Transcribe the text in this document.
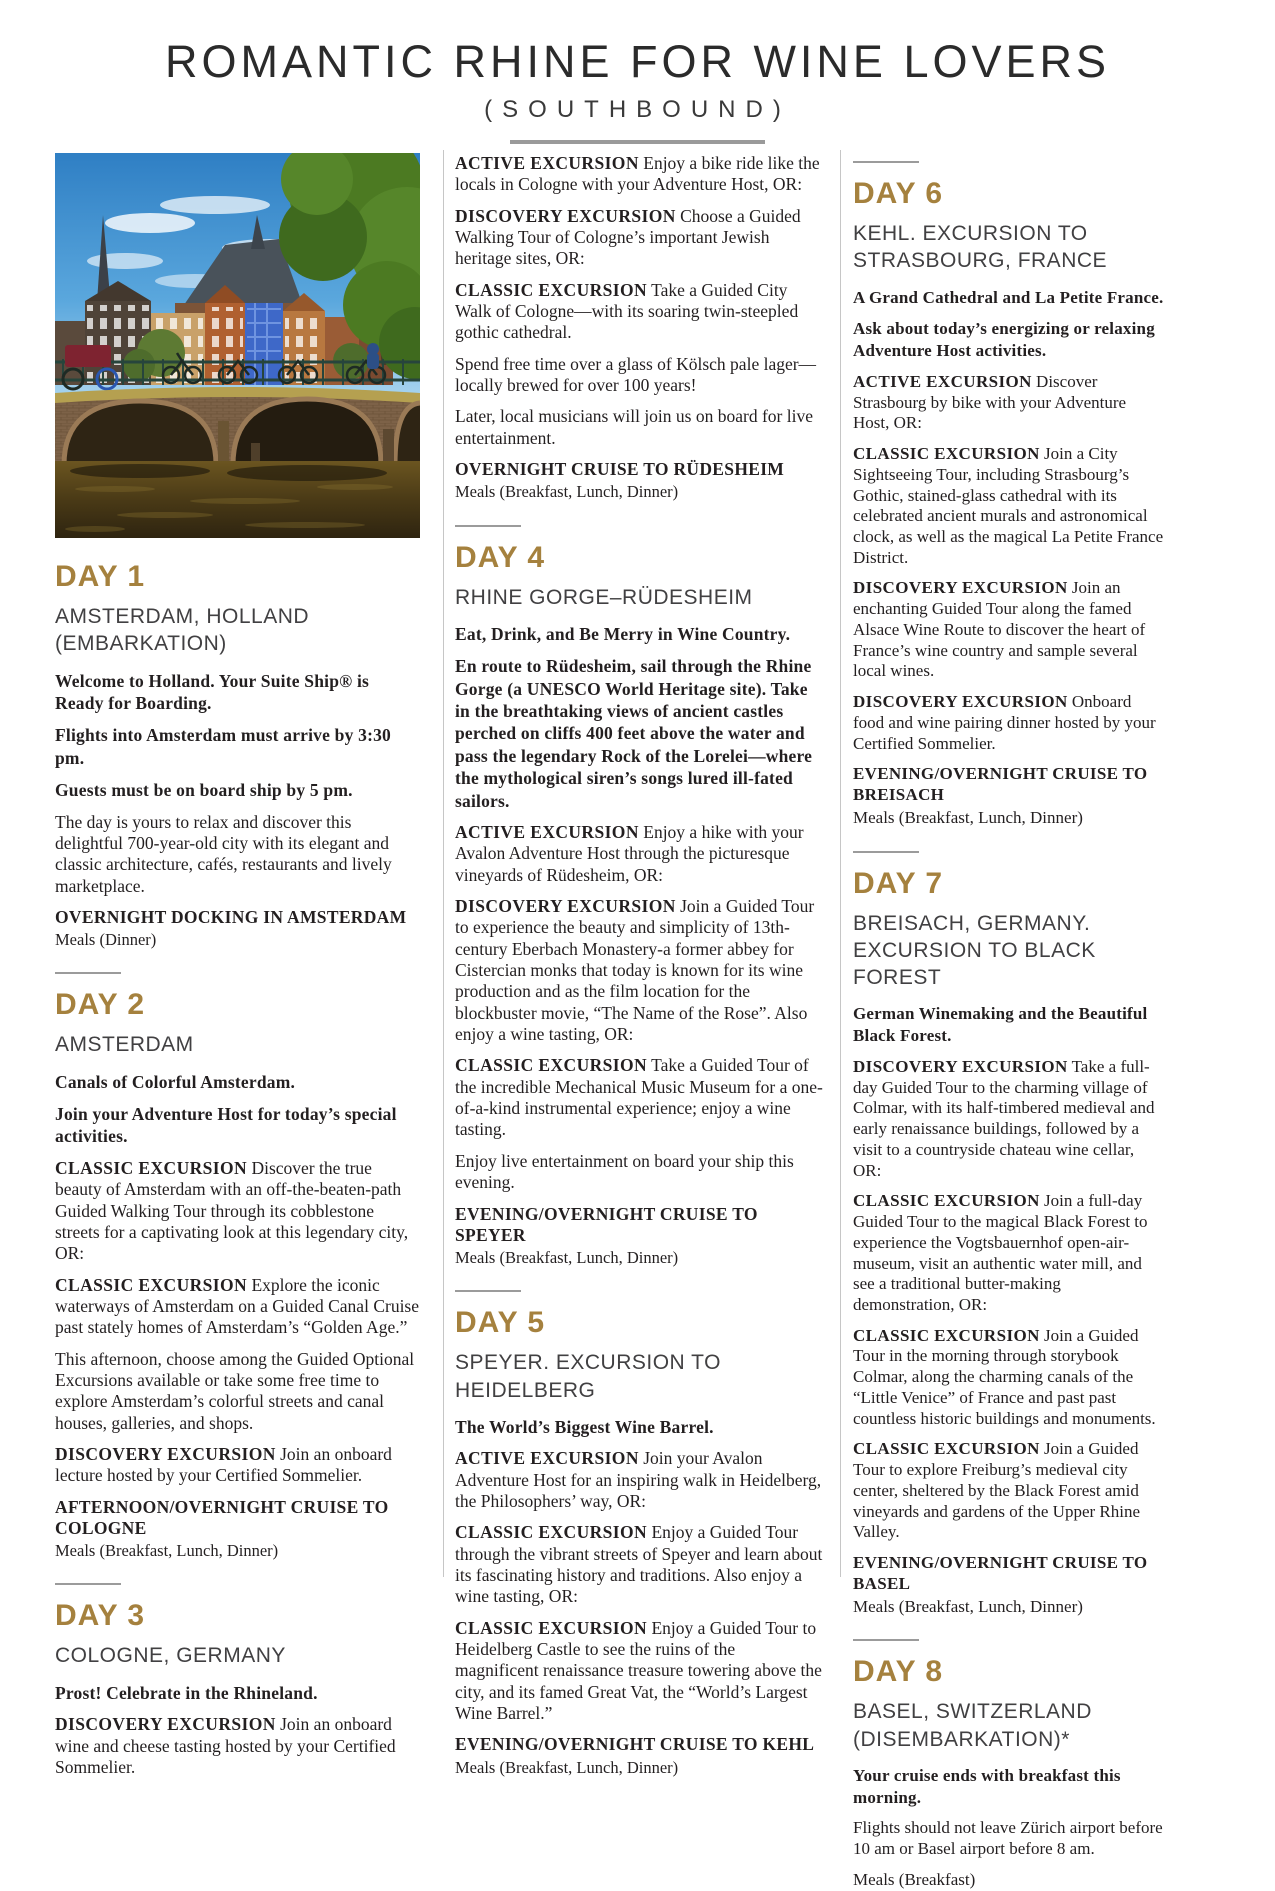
ROMANTIC RHINE FOR WINE LOVERS
(SOUTHBOUND)
DAY 1
AMSTERDAM, HOLLAND (EMBARKATION)

Welcome to Holland. Your Suite Ship® is Ready for Boarding.

Flights into Amsterdam must arrive by 3:30 pm.

Guests must be on board ship by 5 pm.

The day is yours to relax and discover this delightful 700-year-old city with its elegant and classic architecture, cafés, restaurants and lively marketplace.

OVERNIGHT DOCKING IN AMSTERDAM

Meals (Dinner)

DAY 2
AMSTERDAM

Canals of Colorful Amsterdam.

Join your Adventure Host for today’s special activities.

CLASSIC EXCURSION Discover the true beauty of Amsterdam with an off-the-beaten-path Guided Walking Tour through its cobblestone streets for a captivating look at this legendary city, OR:

CLASSIC EXCURSION Explore the iconic waterways of Amsterdam on a Guided Canal Cruise past stately homes of Amsterdam’s “Golden Age.”

This afternoon, choose among the Guided Optional Excursions available or take some free time to explore Amsterdam’s colorful streets and canal houses, galleries, and shops.

DISCOVERY EXCURSION Join an onboard lecture hosted by your Certified Sommelier.

AFTERNOON/OVERNIGHT CRUISE TO COLOGNE

Meals (Breakfast, Lunch, Dinner)

DAY 3
COLOGNE, GERMANY

Prost! Celebrate in the Rhineland.

DISCOVERY EXCURSION Join an onboard wine and cheese tasting hosted by your Certified Sommelier.

ACTIVE EXCURSION Enjoy a bike ride like the locals in Cologne with your Adventure Host, OR:

DISCOVERY EXCURSION Choose a Guided Walking Tour of Cologne’s important Jewish heritage sites, OR:

CLASSIC EXCURSION Take a Guided City Walk of Cologne—with its soaring twin-steepled gothic cathedral.

Spend free time over a glass of Kölsch pale lager—locally brewed for over 100 years!

Later, local musicians will join us on board for live entertainment.

OVERNIGHT CRUISE TO RÜDESHEIM

Meals (Breakfast, Lunch, Dinner)

DAY 4
RHINE GORGE–RÜDESHEIM

Eat, Drink, and Be Merry in Wine Country.

En route to Rüdesheim, sail through the Rhine Gorge (a UNESCO World Heritage site). Take in the breathtaking views of ancient castles perched on cliffs 400 feet above the water and pass the legendary Rock of the Lorelei—where the mythological siren’s songs lured ill-fated sailors.

ACTIVE EXCURSION Enjoy a hike with your Avalon Adventure Host through the picturesque vineyards of Rüdesheim, OR:

DISCOVERY EXCURSION Join a Guided Tour to experience the beauty and simplicity of 13th-century Eberbach Monastery-a former abbey for Cistercian monks that today is known for its wine production and as the film location for the blockbuster movie, “The Name of the Rose”. Also enjoy a wine tasting, OR:

CLASSIC EXCURSION Take a Guided Tour of the incredible Mechanical Music Museum for a one-of-a-kind instrumental experience; enjoy a wine tasting.

Enjoy live entertainment on board your ship this evening.

EVENING/OVERNIGHT CRUISE TO SPEYER

Meals (Breakfast, Lunch, Dinner)

DAY 5
SPEYER. EXCURSION TO HEIDELBERG

The World’s Biggest Wine Barrel.

ACTIVE EXCURSION Join your Avalon Adventure Host for an inspiring walk in Heidelberg, the Philosophers’ way, OR:

CLASSIC EXCURSION Enjoy a Guided Tour through the vibrant streets of Speyer and learn about its fascinating history and traditions. Also enjoy a wine tasting, OR:

CLASSIC EXCURSION Enjoy a Guided Tour to Heidelberg Castle to see the ruins of the magnificent renaissance treasure towering above the city, and its famed Great Vat, the “World’s Largest Wine Barrel.”

EVENING/OVERNIGHT CRUISE TO KEHL

Meals (Breakfast, Lunch, Dinner)

DAY 6
KEHL. EXCURSION TO STRASBOURG, FRANCE

A Grand Cathedral and La Petite France.

Ask about today’s energizing or relaxing Adventure Host activities.

ACTIVE EXCURSION Discover Strasbourg by bike with your Adventure Host, OR:

CLASSIC EXCURSION Join a City Sightseeing Tour, including Strasbourg’s Gothic, stained-glass cathedral with its celebrated ancient murals and astronomical clock, as well as the magical La Petite France District.

DISCOVERY EXCURSION Join an enchanting Guided Tour along the famed Alsace Wine Route to discover the heart of France’s wine country and sample several local wines.

DISCOVERY EXCURSION Onboard food and wine pairing dinner hosted by your Certified Sommelier.

EVENING/OVERNIGHT CRUISE TO BREISACH

Meals (Breakfast, Lunch, Dinner)

DAY 7
BREISACH, GERMANY. EXCURSION TO BLACK FOREST

German Winemaking and the Beautiful Black Forest.

DISCOVERY EXCURSION Take a full-day Guided Tour to the charming village of Colmar, with its half-timbered medieval and early renaissance buildings, followed by a visit to a countryside chateau wine cellar, OR:

CLASSIC EXCURSION Join a full-day Guided Tour to the magical Black Forest to experience the Vogtsbauernhof open-air-museum, visit an authentic water mill, and see a traditional butter-making demonstration, OR:

CLASSIC EXCURSION Join a Guided Tour in the morning through storybook Colmar, along the charming canals of the “Little Venice” of France and past past countless historic buildings and monuments.

CLASSIC EXCURSION Join a Guided Tour to explore Freiburg’s medieval city center, sheltered by the Black Forest amid vineyards and gardens of the Upper Rhine Valley.

EVENING/OVERNIGHT CRUISE TO BASEL

Meals (Breakfast, Lunch, Dinner)

DAY 8
BASEL, SWITZERLAND (DISEMBARKATION)*

Your cruise ends with breakfast this morning.

Flights should not leave Zürich airport before 10 am or Basel airport before 8 am.

Meals (Breakfast)
